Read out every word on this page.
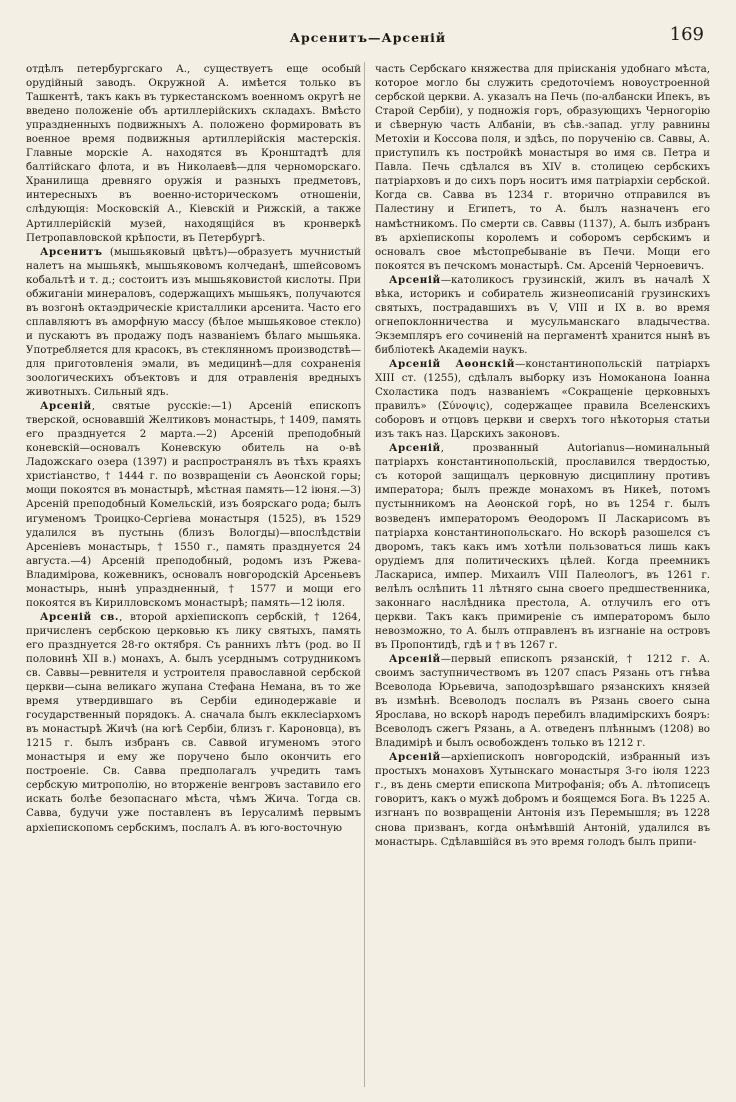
Арсенитъ—Арсеній	169

отдѣлъ петербургскаго А., существуетъ еще особый орудійный заводъ. Окружной А. имѣется только въ Ташкентѣ, такъ какъ въ туркестанскомъ военномъ округѣ не введено положеніе объ артиллерійскихъ складахъ. Вмѣсто упраздненныхъ подвижныхъ А. положено формировать въ военное время подвижныя артиллерійскія мастерскія. Главные морскіе А. находятся въ Кронштадтѣ для балтійскаго флота, и въ Николаевѣ—для черноморскаго. Хранилища древняго оружія и разныхъ предметовъ, интересныхъ въ военно-историческомъ отношеніи, слѣдующія: Московскій А., Кіевскій и Рижскій, а также Артиллерійскій музей, находящійся въ кронверкѣ Петропавловской крѣпости, въ Петербургѣ.

Арсенитъ (мышьяковый цвѣтъ)—образуетъ мучнистый налетъ на мышьякѣ, мышьяковомъ колчеданѣ, шпейсовомъ кобальтѣ и т. д.; состоитъ изъ мышьяковистой кислоты. При обжиганіи минераловъ, содержащихъ мышьякъ, получаются въ возгонѣ октаэдрическіе кристаллики арсенита. Часто его сплавляютъ въ аморфную массу (бѣлое мышьяковое стекло) и пускаютъ въ продажу подъ названіемъ бѣлаго мышьяка. Употребляется для красокъ, въ стеклянномъ производствѣ—для приготовленія эмали, въ медицинѣ—для сохраненія зоологическихъ объектовъ и для отравленія вредныхъ животныхъ. Сильный ядъ.

Арсеній, святые русскіе:—1) Арсеній епископъ тверской, основавшій Желтиковъ монастырь, † 1409, память его празднуется 2 марта.—2) Арсеній преподобный коневскій—основалъ Коневскую обитель на о-вѣ Ладожскаго озера (1397) и распространялъ въ тѣхъ краяхъ христіанство, † 1444 г. по возвращеніи съ Аѳонской горы; мощи покоятся въ монастырѣ, мѣстная память—12 іюня.—3) Арсеній преподобный Комельскій, изъ боярскаго рода; былъ игуменомъ Троицко-Сергіева монастыря (1525), въ 1529 удалился въ пустынь (близъ Вологды)—впослѣдствіи Арсеніевъ монастырь, † 1550 г., память празднуется 24 августа.—4) Арсеній преподобный, родомъ изъ Ржева-Владимірова, кожевникъ, основалъ новгородскій Арсеньевъ монастырь, нынѣ упраздненный, † 1577 и мощи его покоятся въ Кирилловскомъ монастырѣ; память—12 іюля.

Арсеній св., второй архіепископъ сербскій, † 1264, причисленъ сербскою церковью къ лику святыхъ, память его празднуется 28-го октября. Съ раннихъ лѣтъ (род. во II половинѣ XII в.) монахъ, А. былъ усерднымъ сотрудникомъ св. Саввы—ревнителя и устроителя православной сербской церкви—сына великаго жупана Стефана Немана, въ то же время утвердившаго въ Сербіи единодержавіе и государственный порядокъ. А. сначала былъ екклесіархомъ въ монастырѣ Жичѣ (на югѣ Сербіи, близъ г. Кароновца), въ 1215 г. былъ избранъ св. Саввой игуменомъ этого монастыря и ему же поручено было окончить его построеніе. Св. Савва предполагалъ учредить тамъ сербскую митрополію, но вторженіе венгровъ заставило его искать болѣе безопаснаго мѣста, чѣмъ Жича. Тогда св. Савва, будучи уже поставленъ въ Іерусалимѣ первымъ архіепископомъ сербскимъ, послалъ А. въ юго-восточную

часть Сербскаго княжества для пріисканія удобнаго мѣста, которое могло бы служить средоточіемъ новоустроенной сербской церкви. А. указалъ на Печь (по-албански Ипекъ, въ Старой Сербіи), у подножія горъ, образующихъ Черногорію и сѣверную часть Албаніи, въ сѣв.-запад. углу равнины Метохіи и Коссова поля, и здѣсь, по порученію св. Саввы, А. приступилъ къ постройкѣ монастыря во имя св. Петра и Павла. Печь сдѣлался въ XIV в. столицею сербскихъ патріарховъ и до сихъ поръ носитъ имя патріархіи сербской. Когда св. Савва въ 1234 г. вторично отправился въ Палестину и Египетъ, то А. былъ назначенъ его намѣстникомъ. По смерти св. Саввы (1137), А. былъ избранъ въ архіепископы королемъ и соборомъ сербскимъ и основалъ свое мѣстопребываніе въ Печи. Мощи его покоятся въ печскомъ монастырѣ. См. Арсеній Черноевичъ.

Арсеній—католикосъ грузинскій, жилъ въ началѣ X вѣка, историкъ и собиратель жизнеописаній грузинскихъ святыхъ, пострадавшихъ въ V, VIII и IX в. во время огнепоклонничества и мусульманскаго владычества. Экземпляръ его сочиненій на пергаментѣ хранится нынѣ въ библіотекѣ Академіи наукъ.

Арсеній Аѳонскій—константинопольскій патріархъ XIII ст. (1255), сдѣлалъ выборку изъ Номоканона Іоанна Схоластика подъ названіемъ «Сокращеніе церковныхъ правилъ» (Σύνοψις), содержащее правила Вселенскихъ соборовъ и отцовъ церкви и сверхъ того нѣкоторыя статьи изъ такъ наз. Царскихъ законовъ.

Арсеній, прозванный Autorianus—номинальный патріархъ константинопольскій, прославился твердостью, съ которой защищалъ церковную дисциплину противъ императора; былъ прежде монахомъ въ Никеѣ, потомъ пустынникомъ на Аѳонской горѣ, но въ 1254 г. былъ возведенъ императоромъ Ѳеодоромъ II Ласкарисомъ въ патріарха константинопольскаго. Но вскорѣ разошелся съ дворомъ, такъ какъ имъ хотѣли пользоваться лишь какъ орудіемъ для политическихъ цѣлей. Когда преемникъ Ласкариса, импер. Михаилъ VIII Палеологъ, въ 1261 г. велѣлъ ослѣпить 11 лѣтняго сына своего предшественника, законнаго наслѣдника престола, А. отлучилъ его отъ церкви. Такъ какъ примиреніе съ императоромъ было невозможно, то А. былъ отправленъ въ изгнаніе на островъ въ Пропонтидѣ, гдѣ и † въ 1267 г.

Арсеній—первый епископъ рязанскій, † 1212 г. А. своимъ заступничествомъ въ 1207 спасъ Рязань отъ гнѣва Всеволода Юрьевича, заподозрѣвшаго рязанскихъ князей въ измѣнѣ. Всеволодъ послалъ въ Рязань своего сына Ярослава, но вскорѣ народъ перебилъ владимірскихъ бояръ: Всеволодъ сжегъ Рязань, а А. отведенъ плѣннымъ (1208) во Владимірѣ и былъ освобожденъ только въ 1212 г.

Арсеній—архіепископъ новгородскій, избранный изъ простыхъ монаховъ Хутынскаго монастыря 3-го іюля 1223 г., въ день смерти епископа Митрофанія; объ А. лѣтописецъ говоритъ, какъ о мужѣ добромъ и боящемся Бога. Въ 1225 А. изгнанъ по возвращеніи Антонія изъ Перемышля; въ 1228 снова призванъ, когда онѣмѣвшій Антоній, удалился въ монастырь. Сдѣлавшійся въ это время голодъ былъ припи-
